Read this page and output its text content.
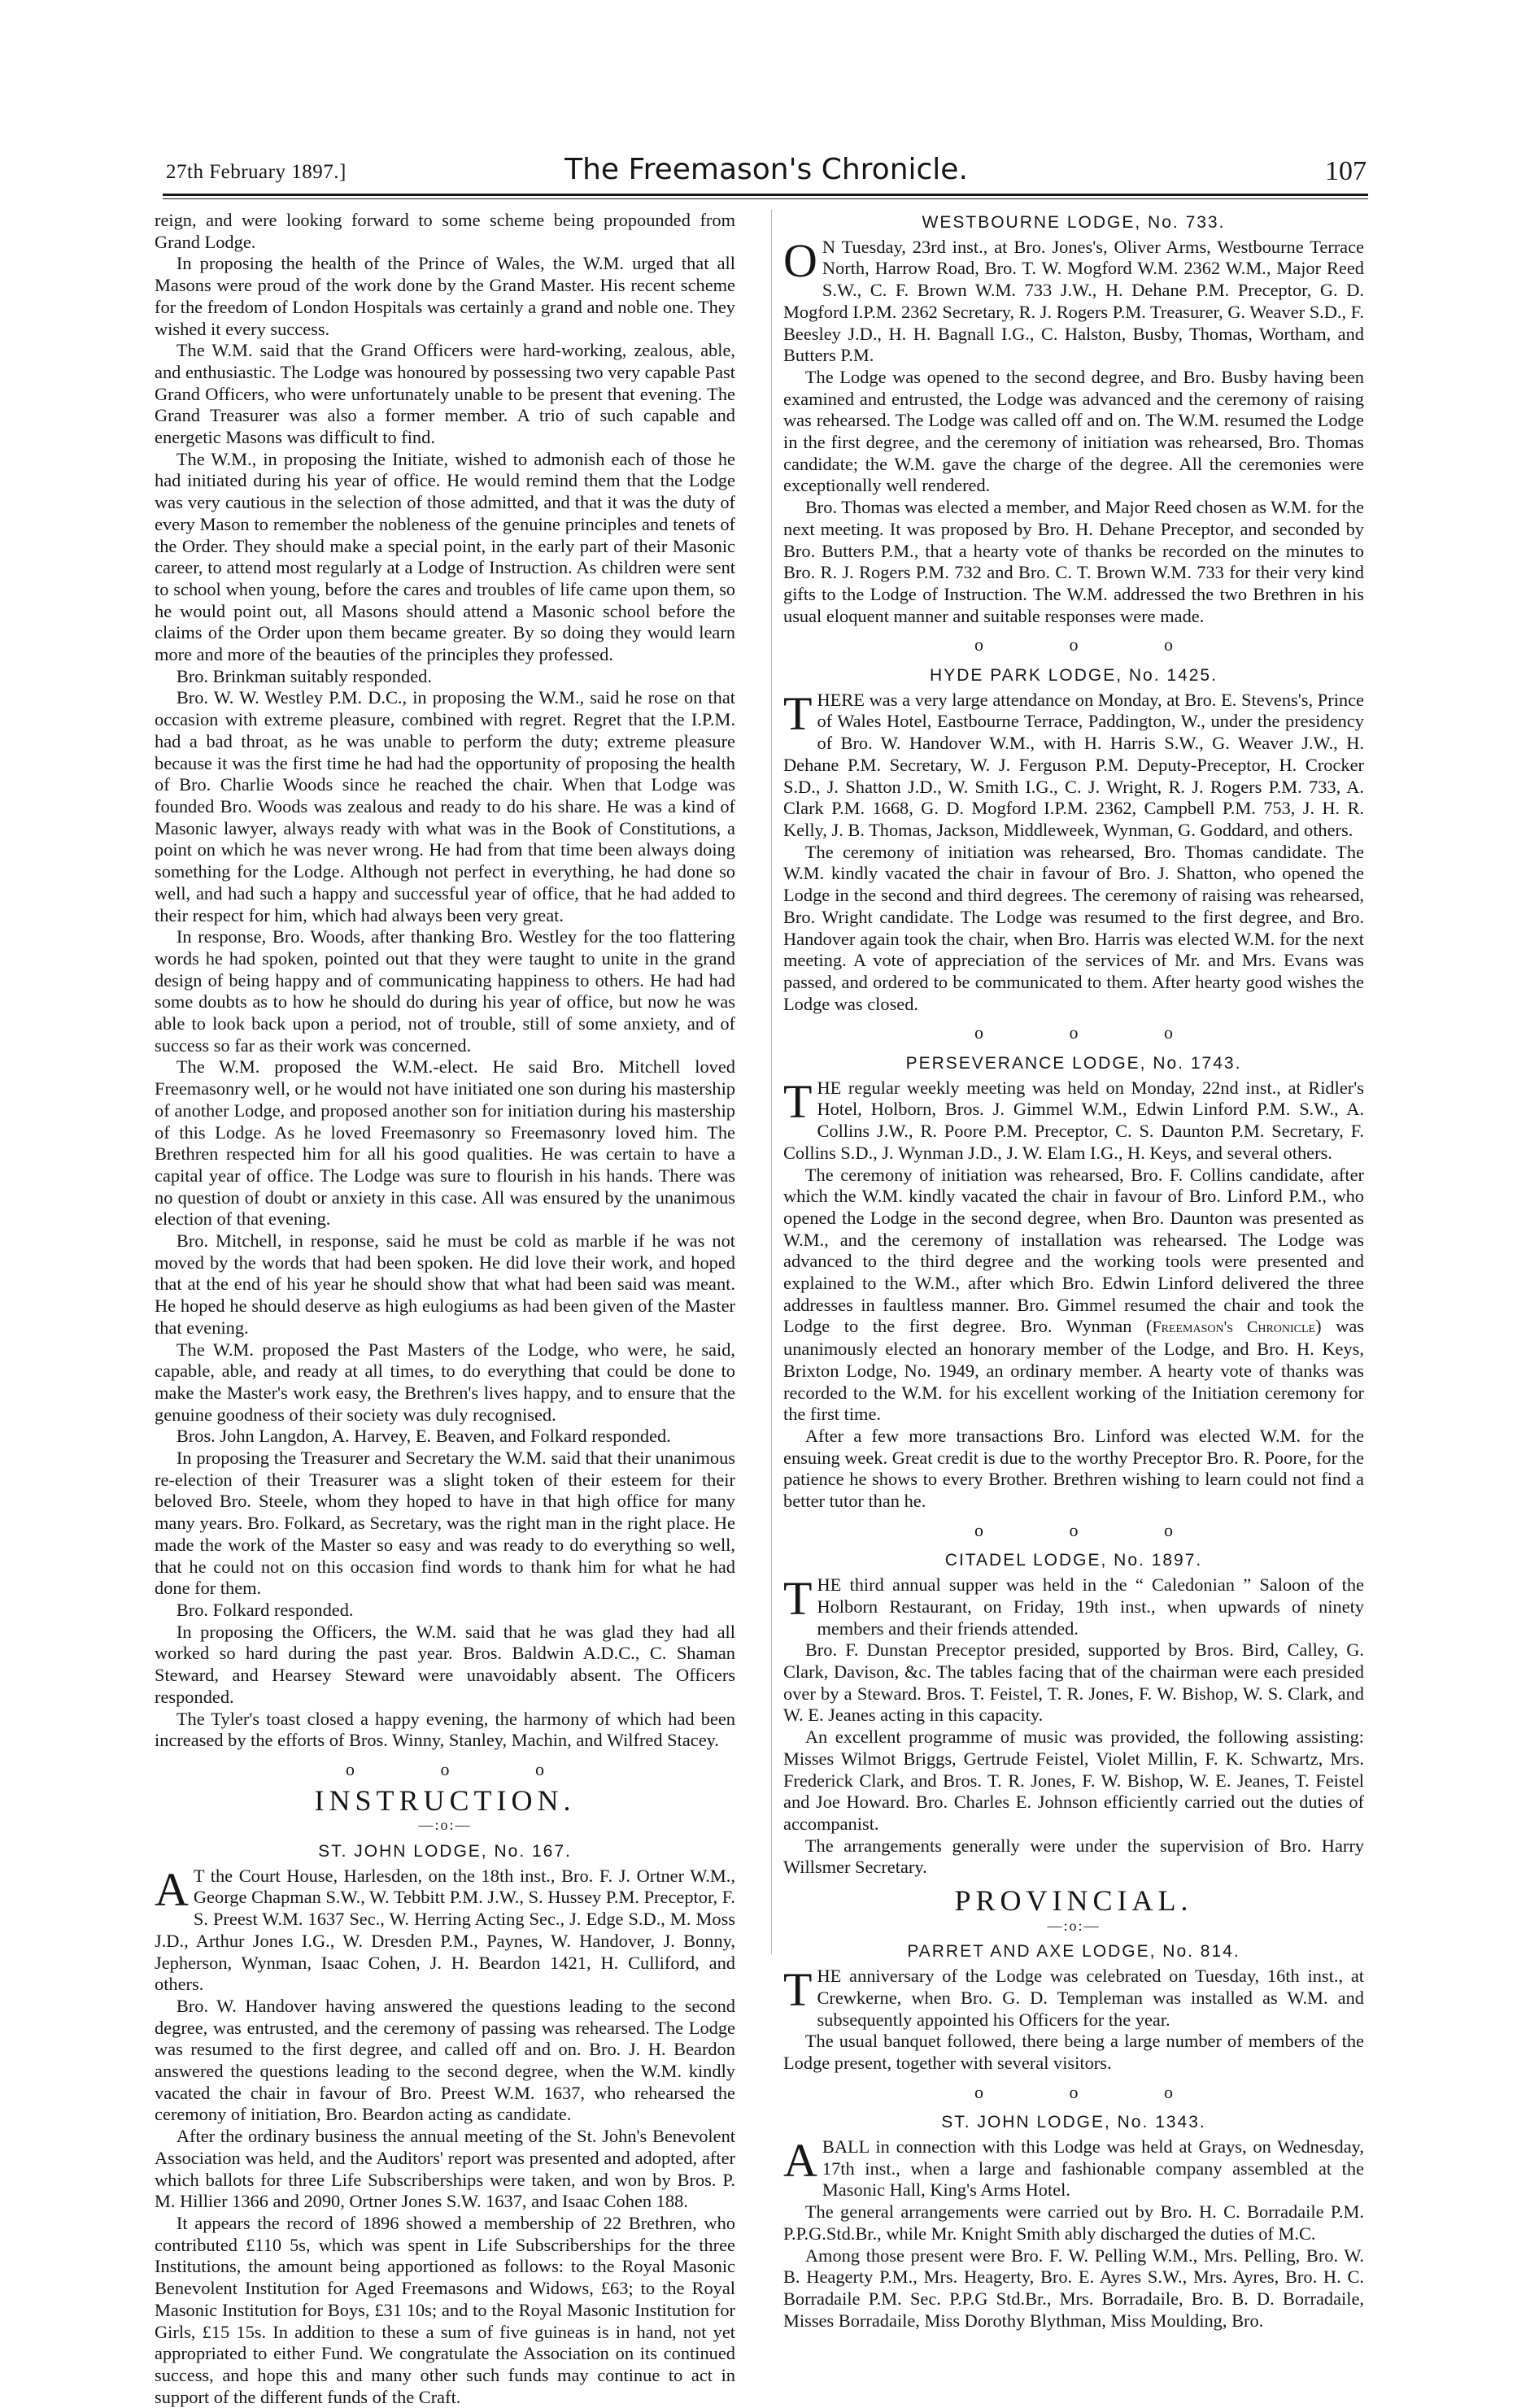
27th February 1897.]	The Freemason's Chronicle.	107

reign, and were looking forward to some scheme being propounded from Grand Lodge.

In proposing the health of the Prince of Wales, the W.M. urged that all Masons were proud of the work done by the Grand Master. His recent scheme for the freedom of London Hospitals was certainly a grand and noble one. They wished it every success.

The W.M. said that the Grand Officers were hard-working, zealous, able, and enthusiastic. The Lodge was honoured by possessing two very capable Past Grand Officers, who were unfortunately unable to be present that evening. The Grand Treasurer was also a former member. A trio of such capable and energetic Masons was difficult to find.

The W.M., in proposing the Initiate, wished to admonish each of those he had initiated during his year of office. He would remind them that the Lodge was very cautious in the selection of those admitted, and that it was the duty of every Mason to remember the nobleness of the genuine principles and tenets of the Order. They should make a special point, in the early part of their Masonic career, to attend most regularly at a Lodge of Instruction. As children were sent to school when young, before the cares and troubles of life came upon them, so he would point out, all Masons should attend a Masonic school before the claims of the Order upon them became greater. By so doing they would learn more and more of the beauties of the principles they professed.

Bro. Brinkman suitably responded.

Bro. W. W. Westley P.M. D.C., in proposing the W.M., said he rose on that occasion with extreme pleasure, combined with regret. Regret that the I.P.M. had a bad throat, as he was unable to perform the duty; extreme pleasure because it was the first time he had had the opportunity of proposing the health of Bro. Charlie Woods since he reached the chair. When that Lodge was founded Bro. Woods was zealous and ready to do his share. He was a kind of Masonic lawyer, always ready with what was in the Book of Constitutions, a point on which he was never wrong. He had from that time been always doing something for the Lodge. Although not perfect in everything, he had done so well, and had such a happy and successful year of office, that he had added to their respect for him, which had always been very great.

In response, Bro. Woods, after thanking Bro. Westley for the too flattering words he had spoken, pointed out that they were taught to unite in the grand design of being happy and of communicating happiness to others. He had had some doubts as to how he should do during his year of office, but now he was able to look back upon a period, not of trouble, still of some anxiety, and of success so far as their work was concerned.

The W.M. proposed the W.M.-elect. He said Bro. Mitchell loved Freemasonry well, or he would not have initiated one son during his mastership of another Lodge, and proposed another son for initiation during his mastership of this Lodge. As he loved Freemasonry so Freemasonry loved him. The Brethren respected him for all his good qualities. He was certain to have a capital year of office. The Lodge was sure to flourish in his hands. There was no question of doubt or anxiety in this case. All was ensured by the unanimous election of that evening.

Bro. Mitchell, in response, said he must be cold as marble if he was not moved by the words that had been spoken. He did love their work, and hoped that at the end of his year he should show that what had been said was meant. He hoped he should deserve as high eulogiums as had been given of the Master that evening.

The W.M. proposed the Past Masters of the Lodge, who were, he said, capable, able, and ready at all times, to do everything that could be done to make the Master's work easy, the Brethren's lives happy, and to ensure that the genuine goodness of their society was duly recognised.

Bros. John Langdon, A. Harvey, E. Beaven, and Folkard responded.

In proposing the Treasurer and Secretary the W.M. said that their unanimous re-election of their Treasurer was a slight token of their esteem for their beloved Bro. Steele, whom they hoped to have in that high office for many many years. Bro. Folkard, as Secretary, was the right man in the right place. He made the work of the Master so easy and was ready to do everything so well, that he could not on this occasion find words to thank him for what he had done for them.

Bro. Folkard responded.

In proposing the Officers, the W.M. said that he was glad they had all worked so hard during the past year. Bros. Baldwin A.D.C., C. Shaman Steward, and Hearsey Steward were unavoidably absent. The Officers responded.

The Tyler's toast closed a happy evening, the harmony of which had been increased by the efforts of Bros. Winny, Stanley, Machin, and Wilfred Stacey.

o o o
INSTRUCTION.
—:o:—
ST. JOHN LODGE, No. 167.

A T the Court House, Harlesden, on the 18th inst., Bro. F. J. Ortner W.M., George Chapman S.W., W. Tebbitt P.M. J.W., S. Hussey P.M. Preceptor, F. S. Preest W.M. 1637 Sec., W. Herring Acting Sec., J. Edge S.D., M. Moss J.D., Arthur Jones I.G., W. Dresden P.M., Paynes, W. Handover, J. Bonny, Jepherson, Wynman, Isaac Cohen, J. H. Beardon 1421, H. Culliford, and others.

Bro. W. Handover having answered the questions leading to the second degree, was entrusted, and the ceremony of passing was rehearsed. The Lodge was resumed to the first degree, and called off and on. Bro. J. H. Beardon answered the questions leading to the second degree, when the W.M. kindly vacated the chair in favour of Bro. Preest W.M. 1637, who rehearsed the ceremony of initiation, Bro. Beardon acting as candidate.

After the ordinary business the annual meeting of the St. John's Benevolent Association was held, and the Auditors' report was presented and adopted, after which ballots for three Life Subscriberships were taken, and won by Bros. P. M. Hillier 1366 and 2090, Ortner Jones S.W. 1637, and Isaac Cohen 188.

It appears the record of 1896 showed a membership of 22 Brethren, who contributed £110 5s, which was spent in Life Subscriberships for the three Institutions, the amount being apportioned as follows: to the Royal Masonic Benevolent Institution for Aged Freemasons and Widows, £63; to the Royal Masonic Institution for Boys, £31 10s; and to the Royal Masonic Institution for Girls, £15 15s. In addition to these a sum of five guineas is in hand, not yet appropriated to either Fund. We congratulate the Association on its continued success, and hope this and many other such funds may continue to act in support of the different funds of the Craft.

WESTBOURNE LODGE, No. 733.

O N Tuesday, 23rd inst., at Bro. Jones's, Oliver Arms, Westbourne Terrace North, Harrow Road, Bro. T. W. Mogford W.M. 2362 W.M., Major Reed S.W., C. F. Brown W.M. 733 J.W., H. Dehane P.M. Preceptor, G. D. Mogford I.P.M. 2362 Secretary, R. J. Rogers P.M. Treasurer, G. Weaver S.D., F. Beesley J.D., H. H. Bagnall I.G., C. Halston, Busby, Thomas, Wortham, and Butters P.M.

The Lodge was opened to the second degree, and Bro. Busby having been examined and entrusted, the Lodge was advanced and the ceremony of raising was rehearsed. The Lodge was called off and on. The W.M. resumed the Lodge in the first degree, and the ceremony of initiation was rehearsed, Bro. Thomas candidate; the W.M. gave the charge of the degree. All the ceremonies were exceptionally well rendered.

Bro. Thomas was elected a member, and Major Reed chosen as W.M. for the next meeting. It was proposed by Bro. H. Dehane Preceptor, and seconded by Bro. Butters P.M., that a hearty vote of thanks be recorded on the minutes to Bro. R. J. Rogers P.M. 732 and Bro. C. T. Brown W.M. 733 for their very kind gifts to the Lodge of Instruction. The W.M. addressed the two Brethren in his usual eloquent manner and suitable responses were made.

o o o
HYDE PARK LODGE, No. 1425.

THERE was a very large attendance on Monday, at Bro. E. Stevens's, Prince of Wales Hotel, Eastbourne Terrace, Paddington, W., under the presidency of Bro. W. Handover W.M., with H. Harris S.W., G. Weaver J.W., H. Dehane P.M. Secretary, W. J. Ferguson P.M. Deputy-Preceptor, H. Crocker S.D., J. Shatton J.D., W. Smith I.G., C. J. Wright, R. J. Rogers P.M. 733, A. Clark P.M. 1668, G. D. Mogford I.P.M. 2362, Campbell P.M. 753, J. H. R. Kelly, J. B. Thomas, Jackson, Middleweek, Wynman, G. Goddard, and others.

The ceremony of initiation was rehearsed, Bro. Thomas candidate. The W.M. kindly vacated the chair in favour of Bro. J. Shatton, who opened the Lodge in the second and third degrees. The ceremony of raising was rehearsed, Bro. Wright candidate. The Lodge was resumed to the first degree, and Bro. Handover again took the chair, when Bro. Harris was elected W.M. for the next meeting. A vote of appreciation of the services of Mr. and Mrs. Evans was passed, and ordered to be communicated to them. After hearty good wishes the Lodge was closed.

o o o
PERSEVERANCE LODGE, No. 1743.

THE regular weekly meeting was held on Monday, 22nd inst., at Ridler's Hotel, Holborn, Bros. J. Gimmel W.M., Edwin Linford P.M. S.W., A. Collins J.W., R. Poore P.M. Preceptor, C. S. Daunton P.M. Secretary, F. Collins S.D., J. Wynman J.D., J. W. Elam I.G., H. Keys, and several others.

The ceremony of initiation was rehearsed, Bro. F. Collins candidate, after which the W.M. kindly vacated the chair in favour of Bro. Linford P.M., who opened the Lodge in the second degree, when Bro. Daunton was presented as W.M., and the ceremony of installation was rehearsed. The Lodge was advanced to the third degree and the working tools were presented and explained to the W.M., after which Bro. Edwin Linford delivered the three addresses in faultless manner. Bro. Gimmel resumed the chair and took the Lodge to the first degree. Bro. Wynman (Freemason's Chronicle) was unanimously elected an honorary member of the Lodge, and Bro. H. Keys, Brixton Lodge, No. 1949, an ordinary member. A hearty vote of thanks was recorded to the W.M. for his excellent working of the Initiation ceremony for the first time.

After a few more transactions Bro. Linford was elected W.M. for the ensuing week. Great credit is due to the worthy Preceptor Bro. R. Poore, for the patience he shows to every Brother. Brethren wishing to learn could not find a better tutor than he.

o o o
CITADEL LODGE, No. 1897.

THE third annual supper was held in the “ Caledonian ” Saloon of the Holborn Restaurant, on Friday, 19th inst., when upwards of ninety members and their friends attended.

Bro. F. Dunstan Preceptor presided, supported by Bros. Bird, Calley, G. Clark, Davison, &c. The tables facing that of the chairman were each presided over by a Steward. Bros. T. Feistel, T. R. Jones, F. W. Bishop, W. S. Clark, and W. E. Jeanes acting in this capacity.

An excellent programme of music was provided, the following assisting: Misses Wilmot Briggs, Gertrude Feistel, Violet Millin, F. K. Schwartz, Mrs. Frederick Clark, and Bros. T. R. Jones, F. W. Bishop, W. E. Jeanes, T. Feistel and Joe Howard. Bro. Charles E. Johnson efficiently carried out the duties of accompanist.

The arrangements generally were under the supervision of Bro. Harry Willsmer Secretary.

PROVINCIAL.
—:o:—
PARRET AND AXE LODGE, No. 814.

THE anniversary of the Lodge was celebrated on Tuesday, 16th inst., at Crewkerne, when Bro. G. D. Templeman was installed as W.M. and subsequently appointed his Officers for the year.

The usual banquet followed, there being a large number of members of the Lodge present, together with several visitors.

o o o
ST. JOHN LODGE, No. 1343.

ABALL in connection with this Lodge was held at Grays, on Wednesday, 17th inst., when a large and fashionable company assembled at the Masonic Hall, King's Arms Hotel.

The general arrangements were carried out by Bro. H. C. Borradaile P.M. P.P.G.Std.Br., while Mr. Knight Smith ably discharged the duties of M.C.

Among those present were Bro. F. W. Pelling W.M., Mrs. Pelling, Bro. W. B. Heagerty P.M., Mrs. Heagerty, Bro. E. Ayres S.W., Mrs. Ayres, Bro. H. C. Borradaile P.M. Sec. P.P.G Std.Br., Mrs. Borradaile, Bro. B. D. Borradaile, Misses Borradaile, Miss Dorothy Blythman, Miss Moulding, Bro.
